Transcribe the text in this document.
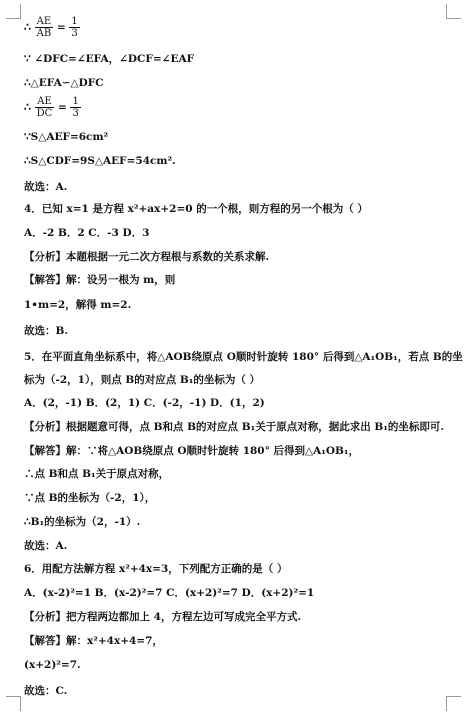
∴ $\frac{AE}{AB} = \frac{1}{3}$
∵ ∠DFC=∠EFA，∠DCF=∠EAF
∴△EFA∽△DFC
∴ $\frac{AE}{DC} = \frac{1}{3}$
∵S△AEF=6cm²
∴S△CDF=9S△AEF=54cm².
故选：A.
4．已知 x=1 是方程 x²+ax+2=0 的一个根，则方程的另一个根为（ ）
A．-2 B．2 C．-3 D．3
【分析】本题根据一元二次方程根与系数的关系求解.
【解答】解：设另一根为 m，则
1•m=2，解得 m=2.
故选：B.
5．在平面直角坐标系中，将△AOB绕原点 O顺时针旋转 180° 后得到△A₁OB₁，若点 B的坐
标为（-2，1），则点 B的对应点 B₁的坐标为（ ）
A．(2，-1) B．(2，1) C．(-2，-1) D．(1，2)
【分析】根据题意可得，点 B和点 B的对应点 B₁关于原点对称，据此求出 B₁的坐标即可.
【解答】解：∵将△AOB绕原点 O顺时针旋转 180° 后得到△A₁OB₁，
∴点 B和点 B₁关于原点对称，
∵点 B的坐标为（-2，1），
∴B₁的坐标为（2，-1）.
故选：A.
6．用配方法解方程 x²+4x=3，下列配方正确的是（ ）
A．(x-2)²=1 B．(x-2)²=7 C．(x+2)²=7 D．(x+2)²=1
【分析】把方程两边都加上 4，方程左边可写成完全平方式.
【解答】解：x²+4x+4=7，
(x+2)²=7.
故选：C.
